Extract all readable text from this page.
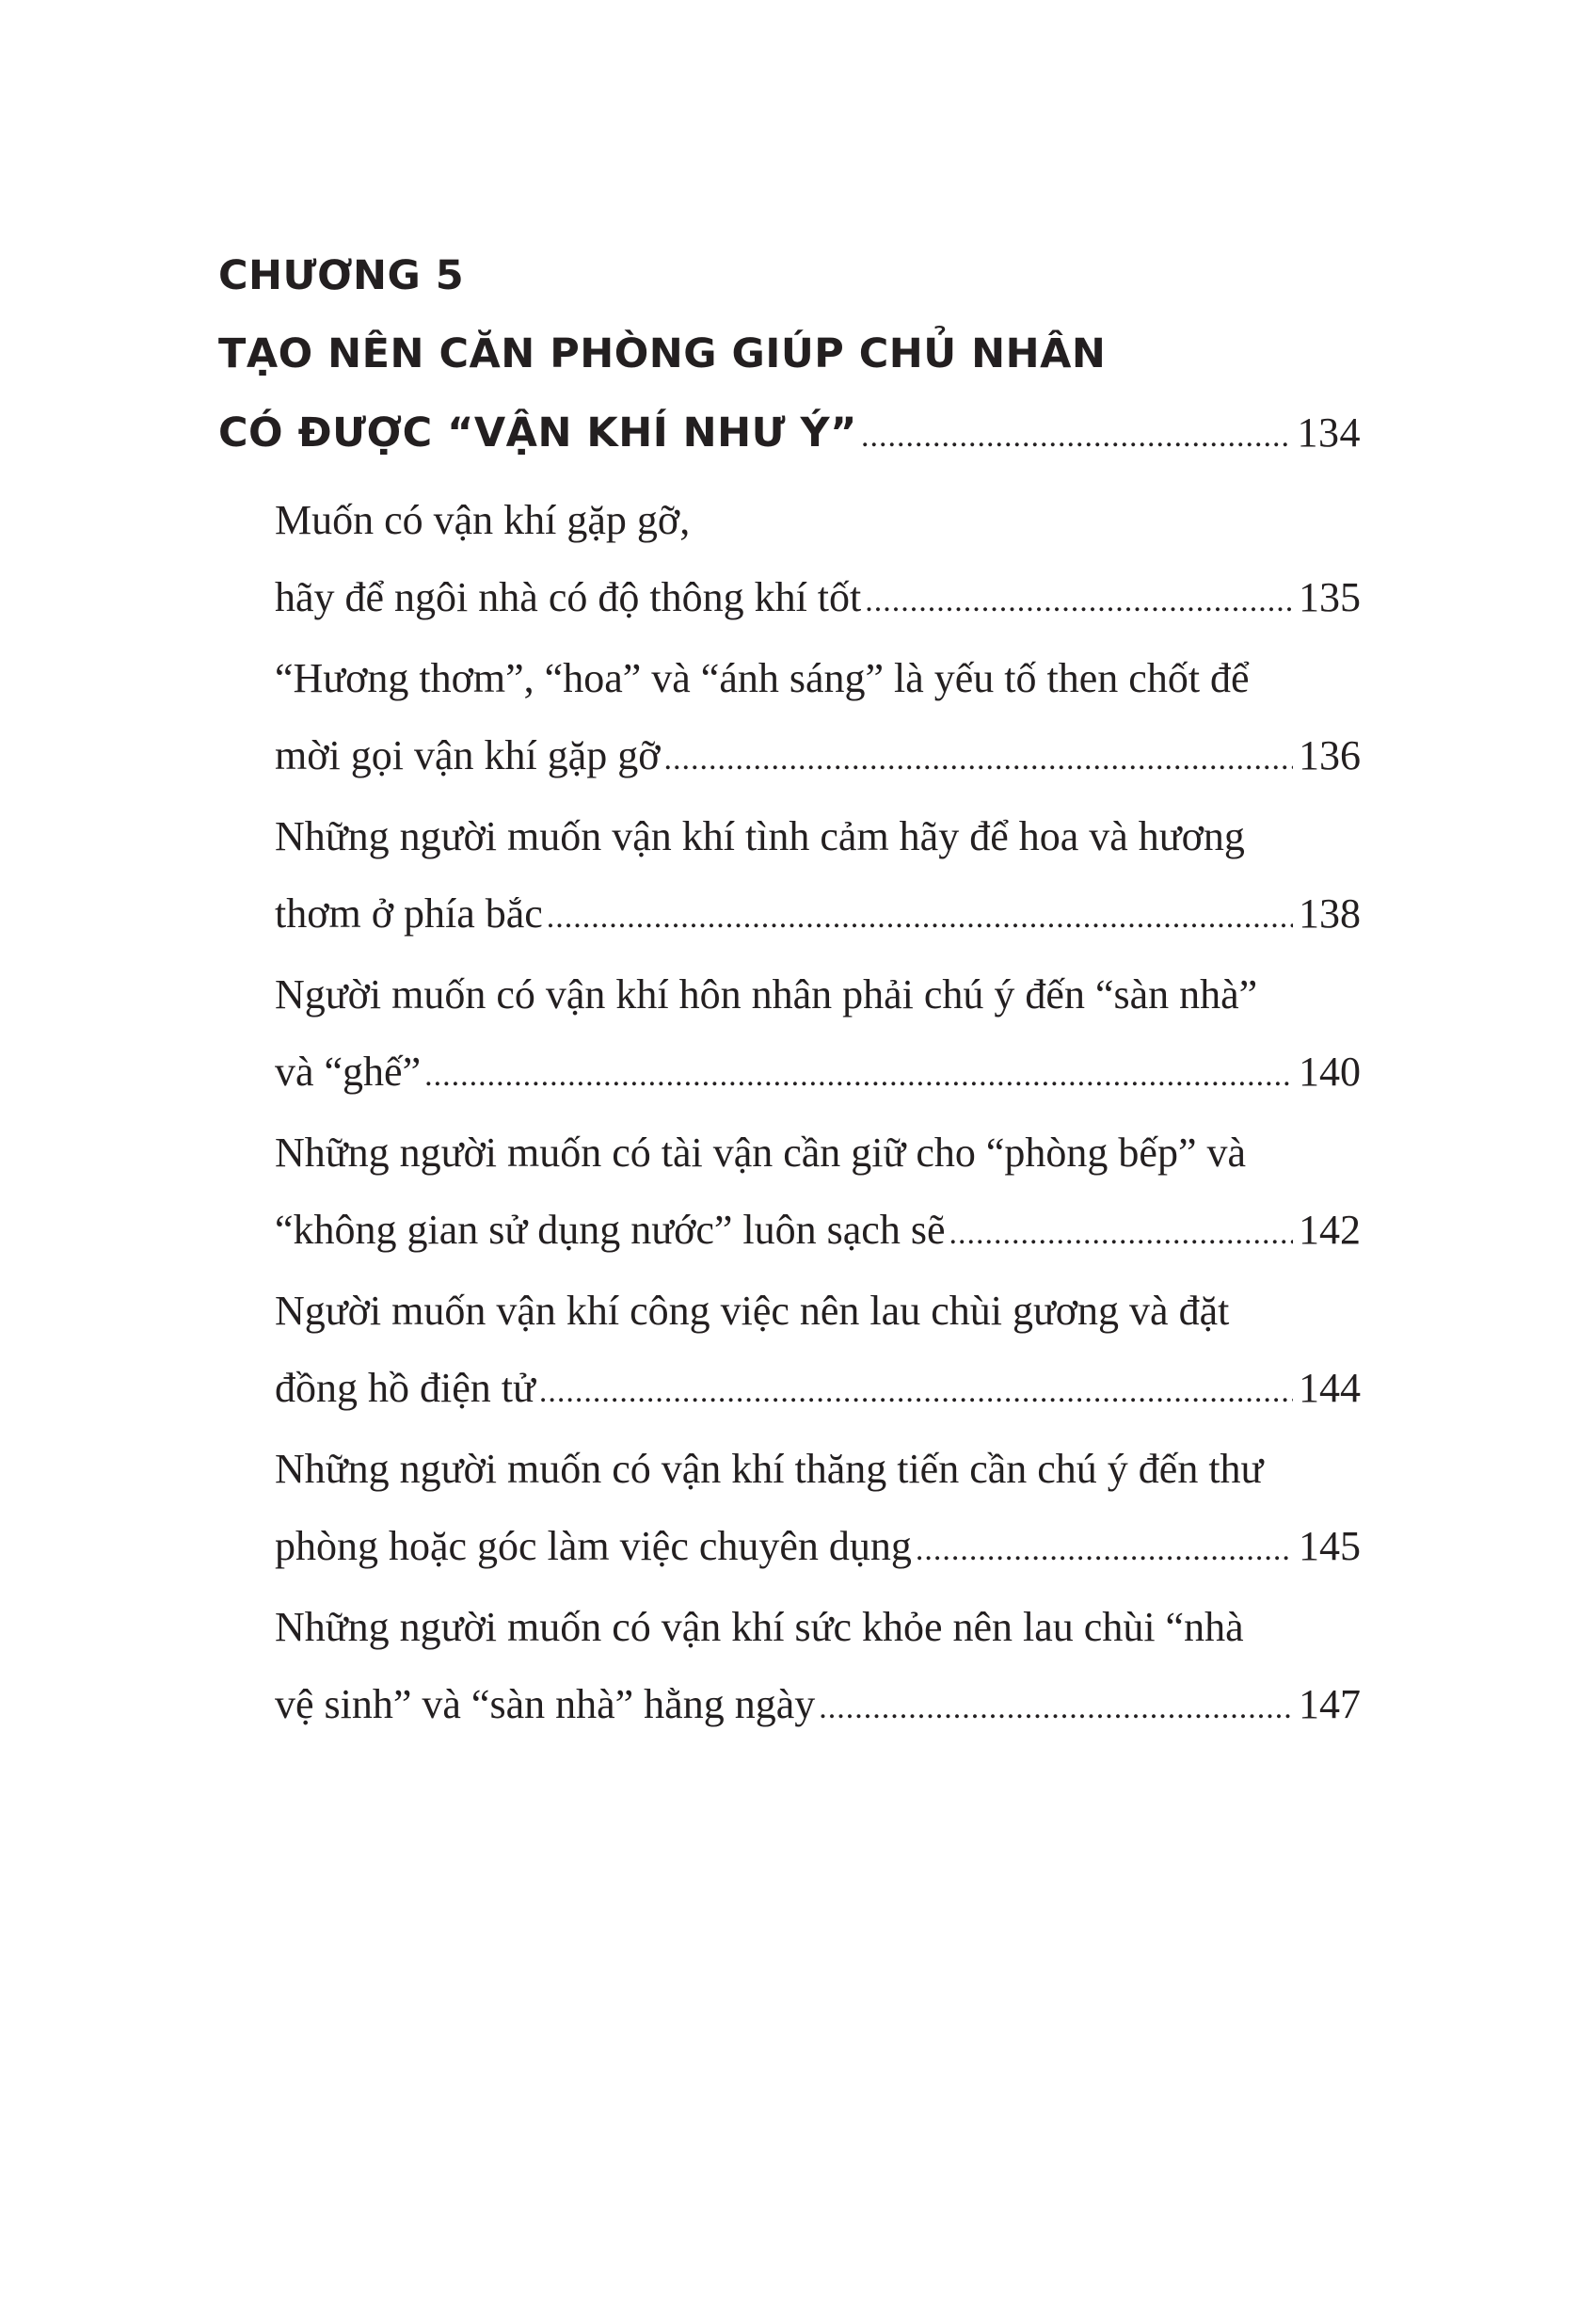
CHƯƠNG 5
TẠO NÊN CĂN PHÒNG GIÚP CHỦ NHÂN
CÓ ĐƯỢC “VẬN KHÍ NHƯ Ý” .....	134
Muốn có vận khí gặp gỡ,
hãy để ngôi nhà có độ thông khí tốt .....	135
“Hương thơm”, “hoa” và “ánh sáng” là yếu tố then chốt để
mời gọi vận khí gặp gỡ .....	136
Những người muốn vận khí tình cảm hãy để hoa và hương
thơm ở phía bắc .....	138
Người muốn có vận khí hôn nhân phải chú ý đến “sàn nhà”
và “ghế” .....	140
Những người muốn có tài vận cần giữ cho “phòng bếp” và
“không gian sử dụng nước” luôn sạch sẽ .....	142
Người muốn vận khí công việc nên lau chùi gương và đặt
đồng hồ điện tử .....	144
Những người muốn có vận khí thăng tiến cần chú ý đến thư
phòng hoặc góc làm việc chuyên dụng .....	145
Những người muốn có vận khí sức khỏe nên lau chùi “nhà
vệ sinh” và “sàn nhà” hằng ngày .....	147
